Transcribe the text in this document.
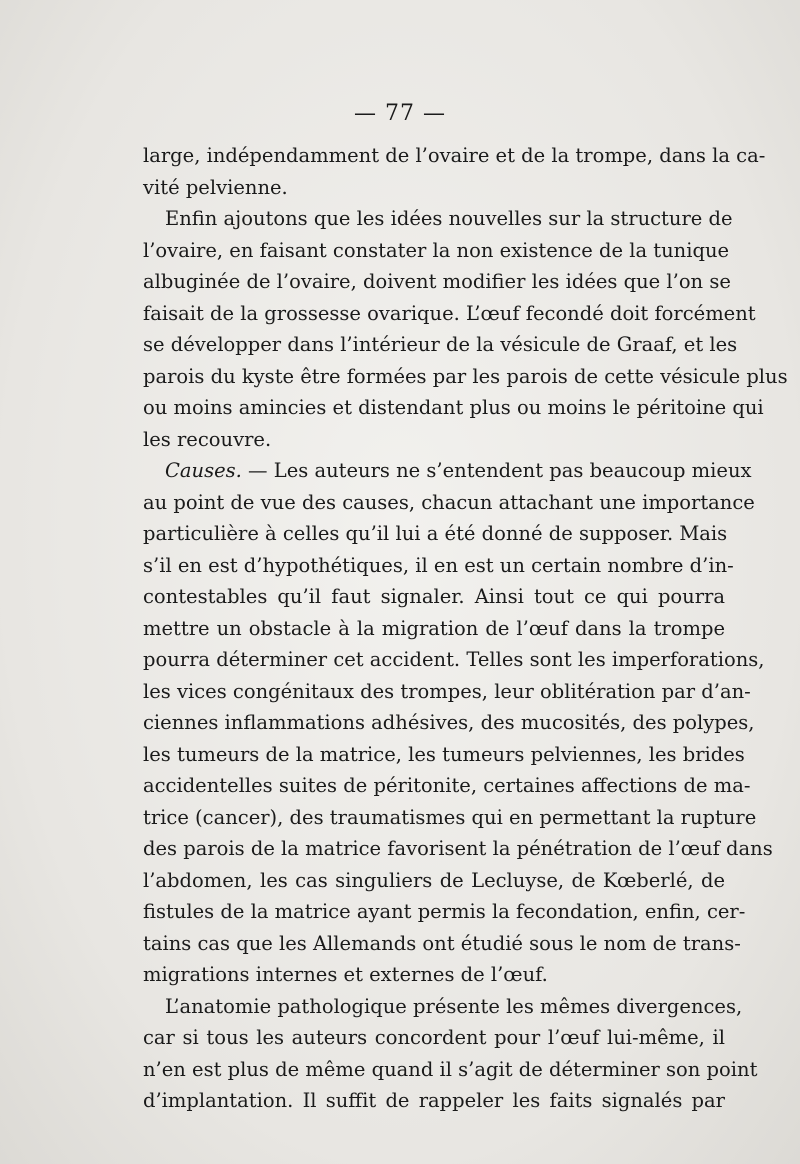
— 77 —
large, indépendamment de l’ovaire et de la trompe, dans la ca-
vité pelvienne.
Enfin ajoutons que les idées nouvelles sur la structure de
l’ovaire, en faisant constater la non existence de la tunique
albuginée de l’ovaire, doivent modifier les idées que l’on se
faisait de la grossesse ovarique. L’œuf fecondé doit forcément
se développer dans l’intérieur de la vésicule de Graaf, et les
parois du kyste être formées par les parois de cette vésicule plus
ou moins amincies et distendant plus ou moins le péritoine qui
les recouvre.
Causes. — Les auteurs ne s’entendent pas beaucoup mieux
au point de vue des causes, chacun attachant une importance
particulière à celles qu’il lui a été donné de supposer. Mais
s’il en est d’hypothétiques, il en est un certain nombre d’in-
contestables qu’il faut signaler. Ainsi tout ce qui pourra
mettre un obstacle à la migration de l’œuf dans la trompe
pourra déterminer cet accident. Telles sont les imperforations,
les vices congénitaux des trompes, leur oblitération par d’an-
ciennes inflammations adhésives, des mucosités, des polypes,
les tumeurs de la matrice, les tumeurs pelviennes, les brides
accidentelles suites de péritonite, certaines affections de ma-
trice (cancer), des traumatismes qui en permettant la rupture
des parois de la matrice favorisent la pénétration de l’œuf dans
l’abdomen, les cas singuliers de Lecluyse, de Kœberlé, de
fistules de la matrice ayant permis la fecondation, enfin, cer-
tains cas que les Allemands ont étudié sous le nom de trans-
migrations internes et externes de l’œuf.
L’anatomie pathologique présente les mêmes divergences,
car si tous les auteurs concordent pour l’œuf lui-même, il
n’en est plus de même quand il s’agit de déterminer son point
d’implantation. Il suffit de rappeler les faits signalés par
